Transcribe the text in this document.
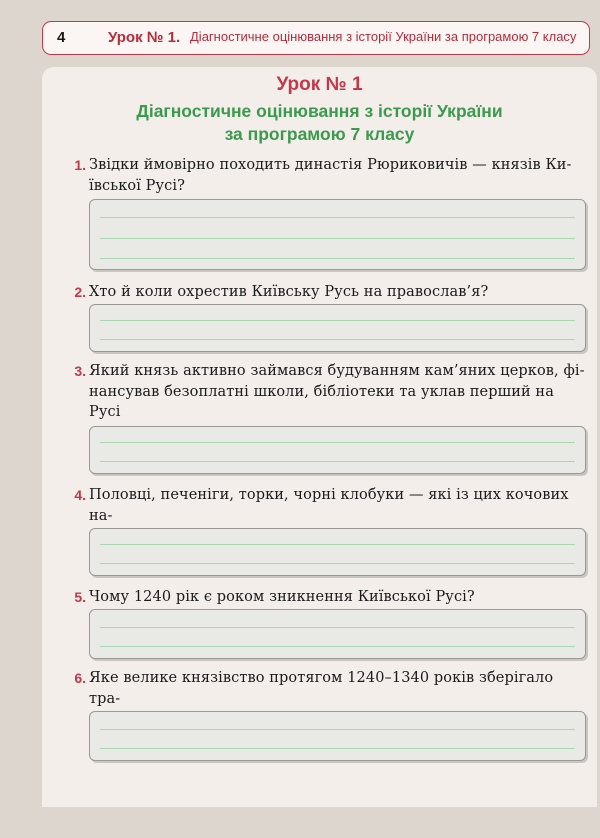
4	Урок № 1. Діагностичне оцінювання з історії України за програмою 7 класу
Урок № 1
Діагностичне оцінювання з історії України
за програмою 7 класу
1. Звідки ймовірно походить династія Рюриковичів — князів Ки-
ївської Русі?
2. Хто й коли охрестив Київську Русь на православ’я?
3. Який князь активно займався будуванням кам’яних церков, фі-
нансував безоплатні школи, бібліотеки та уклав перший на Русі
4. Половці, печеніги, торки, чорні клобуки — які із цих кочових на-
5. Чому 1240 рік є роком зникнення Київської Русі?
6. Яке велике князівство протягом 1240–1340 років зберігало тра-
